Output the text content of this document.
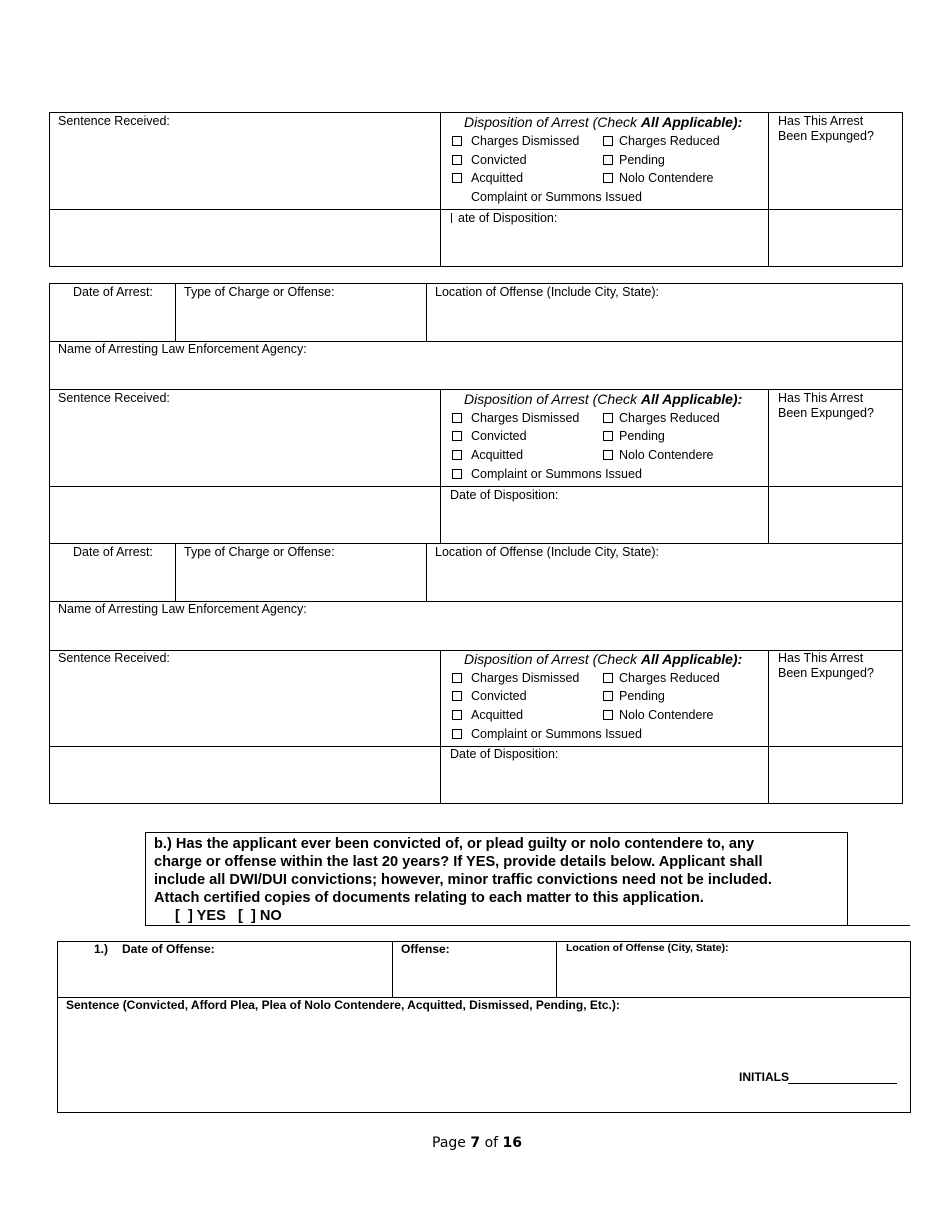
Sentence Received:	Disposition of Arrest (Check All Applicable):	Has This Arrest
Been Expunged?
Charges Dismissed	Charges Reduced
Convicted	Pending
Acquitted	Nolo Contendere
Complaint or Summons Issued
ate of Disposition:
Date of Arrest: Type of Charge or Offense:	Location of Offense (Include City, State):
Name of Arresting Law Enforcement Agency:
Sentence Received:	Disposition of Arrest (Check All Applicable):	Has This Arrest
Been Expunged?
Charges Dismissed	Charges Reduced
Convicted	Pending
Acquitted	Nolo Contendere
Complaint or Summons Issued
Date of Disposition:
Date of Arrest: Type of Charge or Offense:	Location of Offense (Include City, State):
Name of Arresting Law Enforcement Agency:
Sentence Received:	Disposition of Arrest (Check All Applicable):	Has This Arrest
Been Expunged?
Charges Dismissed	Charges Reduced
Convicted	Pending
Acquitted	Nolo Contendere
Complaint or Summons Issued
Date of Disposition:
b.) Has the applicant ever been convicted of, or plead guilty or nolo contendere to, any
charge or offense within the last 20 years? If YES, provide details below. Applicant shall
include all DWI/DUI convictions; however, minor traffic convictions need not be included.
Attach certified copies of documents relating to each matter to this application.
[  ] YES   [  ] NO
1.) Date of Offense:	Offense:	Location of Offense (City, State):
Sentence (Convicted, Afford Plea, Plea of Nolo Contendere, Acquitted, Dismissed, Pending, Etc.):
INITIALS
Page 7 of 16
